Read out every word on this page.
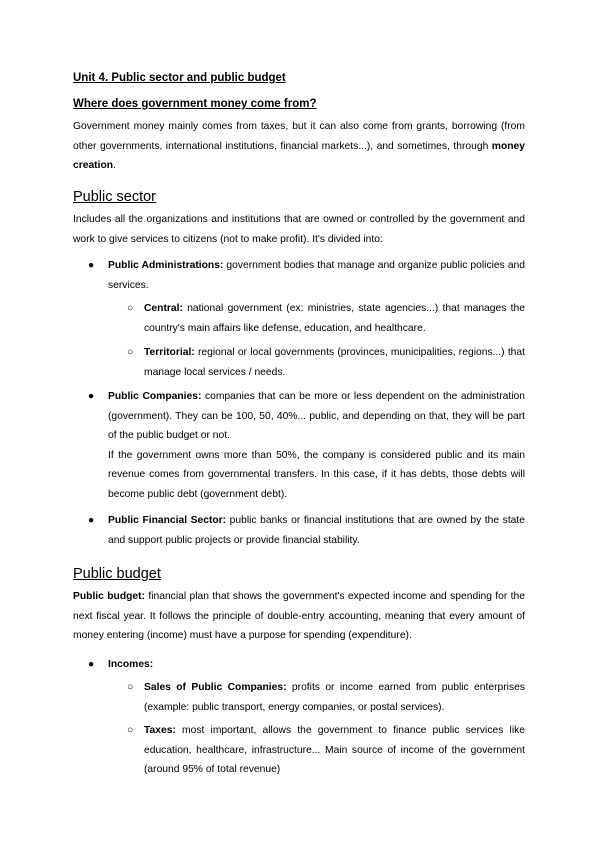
Unit 4. Public sector and public budget
Where does government money come from?
Government money mainly comes from taxes, but it can also come from grants, borrowing (from other governments, international institutions, financial markets...), and sometimes, through money creation.
Public sector
Includes all the organizations and institutions that are owned or controlled by the government and work to give services to citizens (not to make profit). It's divided into:
● Public Administrations: government bodies that manage and organize public policies and services.
○ Central: national government (ex: ministries, state agencies...) that manages the country's main affairs like defense, education, and healthcare.
○ Territorial: regional or local governments (provinces, municipalities, regions...) that manage local services / needs.
● Public Companies: companies that can be more or less dependent on the administration (government). They can be 100, 50, 40%... public, and depending on that, they will be part of the public budget or not.
If the government owns more than 50%, the company is considered public and its main revenue comes from governmental transfers. In this case, if it has debts, those debts will become public debt (government debt).
● Public Financial Sector: public banks or financial institutions that are owned by the state and support public projects or provide financial stability.
Public budget
Public budget: financial plan that shows the government's expected income and spending for the next fiscal year. It follows the principle of double-entry accounting, meaning that every amount of money entering (income) must have a purpose for spending (expenditure).
● Incomes:
○ Sales of Public Companies: profits or income earned from public enterprises (example: public transport, energy companies, or postal services).
○ Taxes: most important, allows the government to finance public services like education, healthcare, infrastructure... Main source of income of the government (around 95% of total revenue)
